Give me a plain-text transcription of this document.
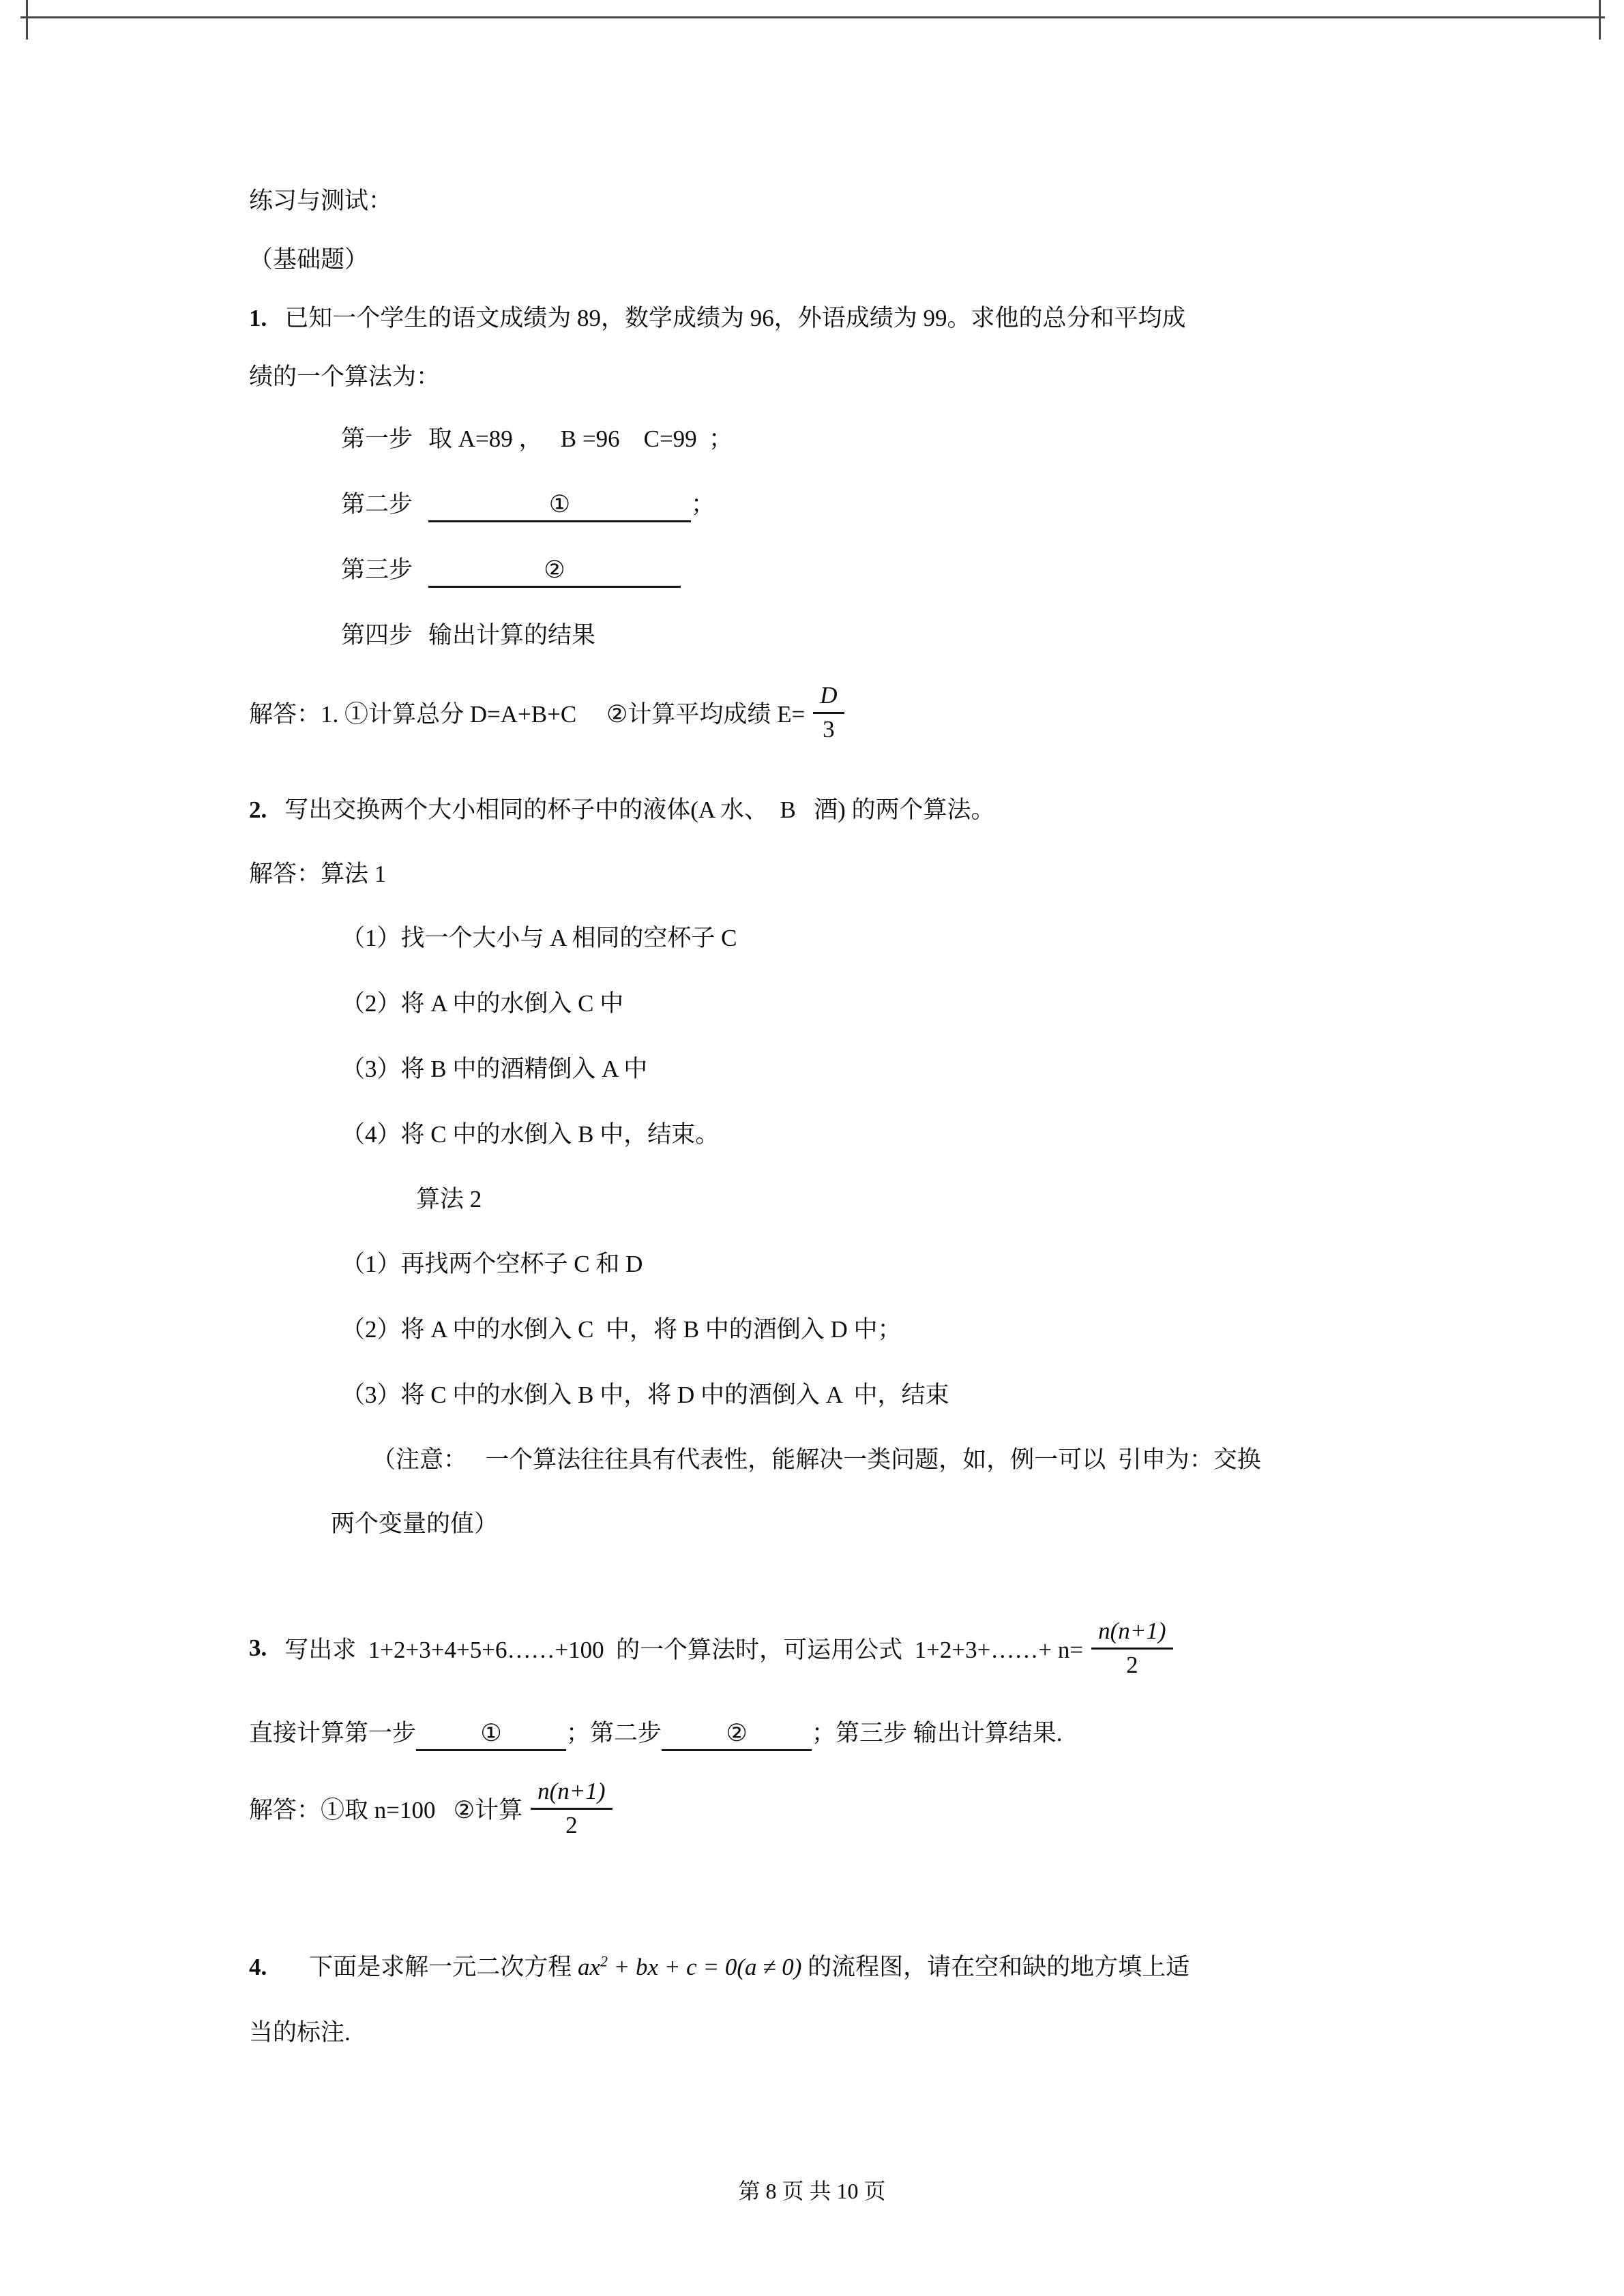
练习与测试：
（基础题）
1. 已知一个学生的语文成绩为 89，数学成绩为 96，外语成绩为 99。求他的总分和平均成
绩的一个算法为：
第一步 取 A=89 ，   B =96    C=99  ；
第二步	①	；
第三步	②
第四步 输出计算的结果
解答：1. ①计算总分 D=A+B+C     ②计算平均成绩 $E= \frac{D}{3}$
2. 写出交换两个大小相同的杯子中的液体(A 水、  B   酒) 的两个算法。
解答：算法 1
（1）找一个大小与 A 相同的空杯子 C
（2）将 A 中的水倒入 C 中
（3）将 B 中的酒精倒入 A 中
（4）将 C 中的水倒入 B 中，结束。
算法 2
（1）再找两个空杯子 C 和 D
（2）将 A 中的水倒入 C  中，将 B 中的酒倒入 D 中；
（3）将 C 中的水倒入 B 中，将 D 中的酒倒入 A  中，结束
（注意：   一个算法往往具有代表性，能解决一类问题，如，例一可以  引申为：交换
两个变量的值）
3. 写出求  1+2+3+4+5+6……+100  的一个算法时，可运用公式  1+2+3+……+ $n= \frac{n(n+1)}{2}$
直接计算第一步	①	；第二步	②	；第三步 输出计算结果.
解答：①取 n=100   ②计算 $\frac{n(n+1)}{2}$
4. 下面是求解一元二次方程 $ax^2$ + bx + c = 0(a ≠ 0) 的流程图，请在空和缺的地方填上适
当的标注.
第 8 页 共 10 页
